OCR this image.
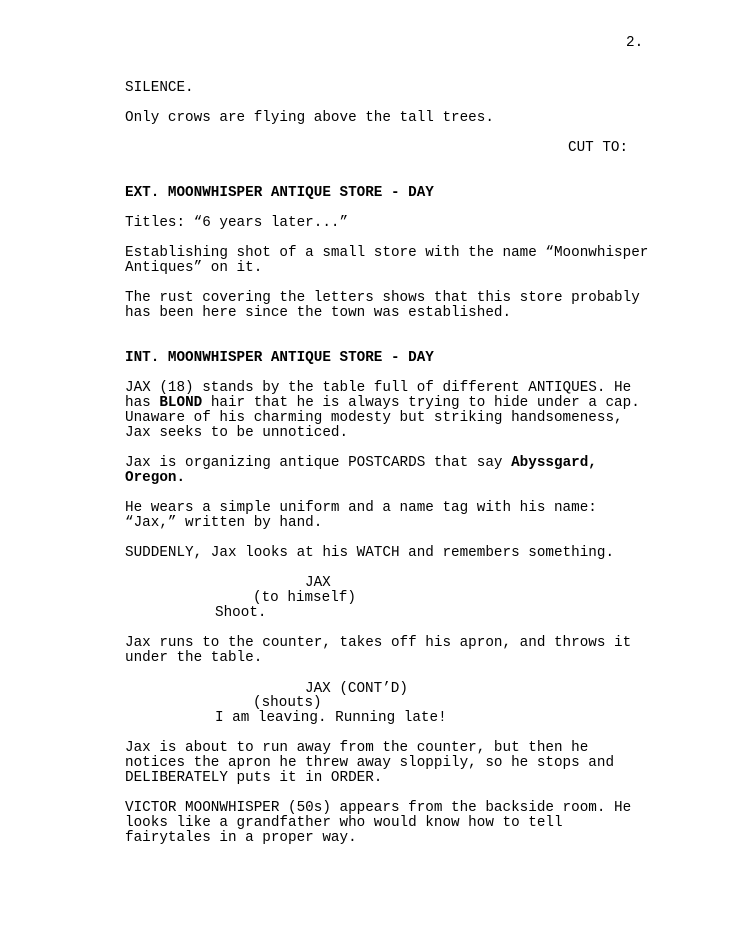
2.
SILENCE.
Only crows are flying above the tall trees.
CUT TO:
EXT. MOONWHISPER ANTIQUE STORE - DAY
Titles: “6 years later...”
Establishing shot of a small store with the name “Moonwhisper
Antiques” on it.
The rust covering the letters shows that this store probably
has been here since the town was established.
INT. MOONWHISPER ANTIQUE STORE - DAY
JAX (18) stands by the table full of different ANTIQUES. He
has BLOND hair that he is always trying to hide under a cap.
Unaware of his charming modesty but striking handsomeness,
Jax seeks to be unnoticed.
Jax is organizing antique POSTCARDS that say Abyssgard,
Oregon.
He wears a simple uniform and a name tag with his name:
“Jax,” written by hand.
SUDDENLY, Jax looks at his WATCH and remembers something.
JAX
(to himself)
Shoot.
Jax runs to the counter, takes off his apron, and throws it
under the table.
JAX (CONT’D)
(shouts)
I am leaving. Running late!
Jax is about to run away from the counter, but then he
notices the apron he threw away sloppily, so he stops and
DELIBERATELY puts it in ORDER.
VICTOR MOONWHISPER (50s) appears from the backside room. He
looks like a grandfather who would know how to tell
fairytales in a proper way.
